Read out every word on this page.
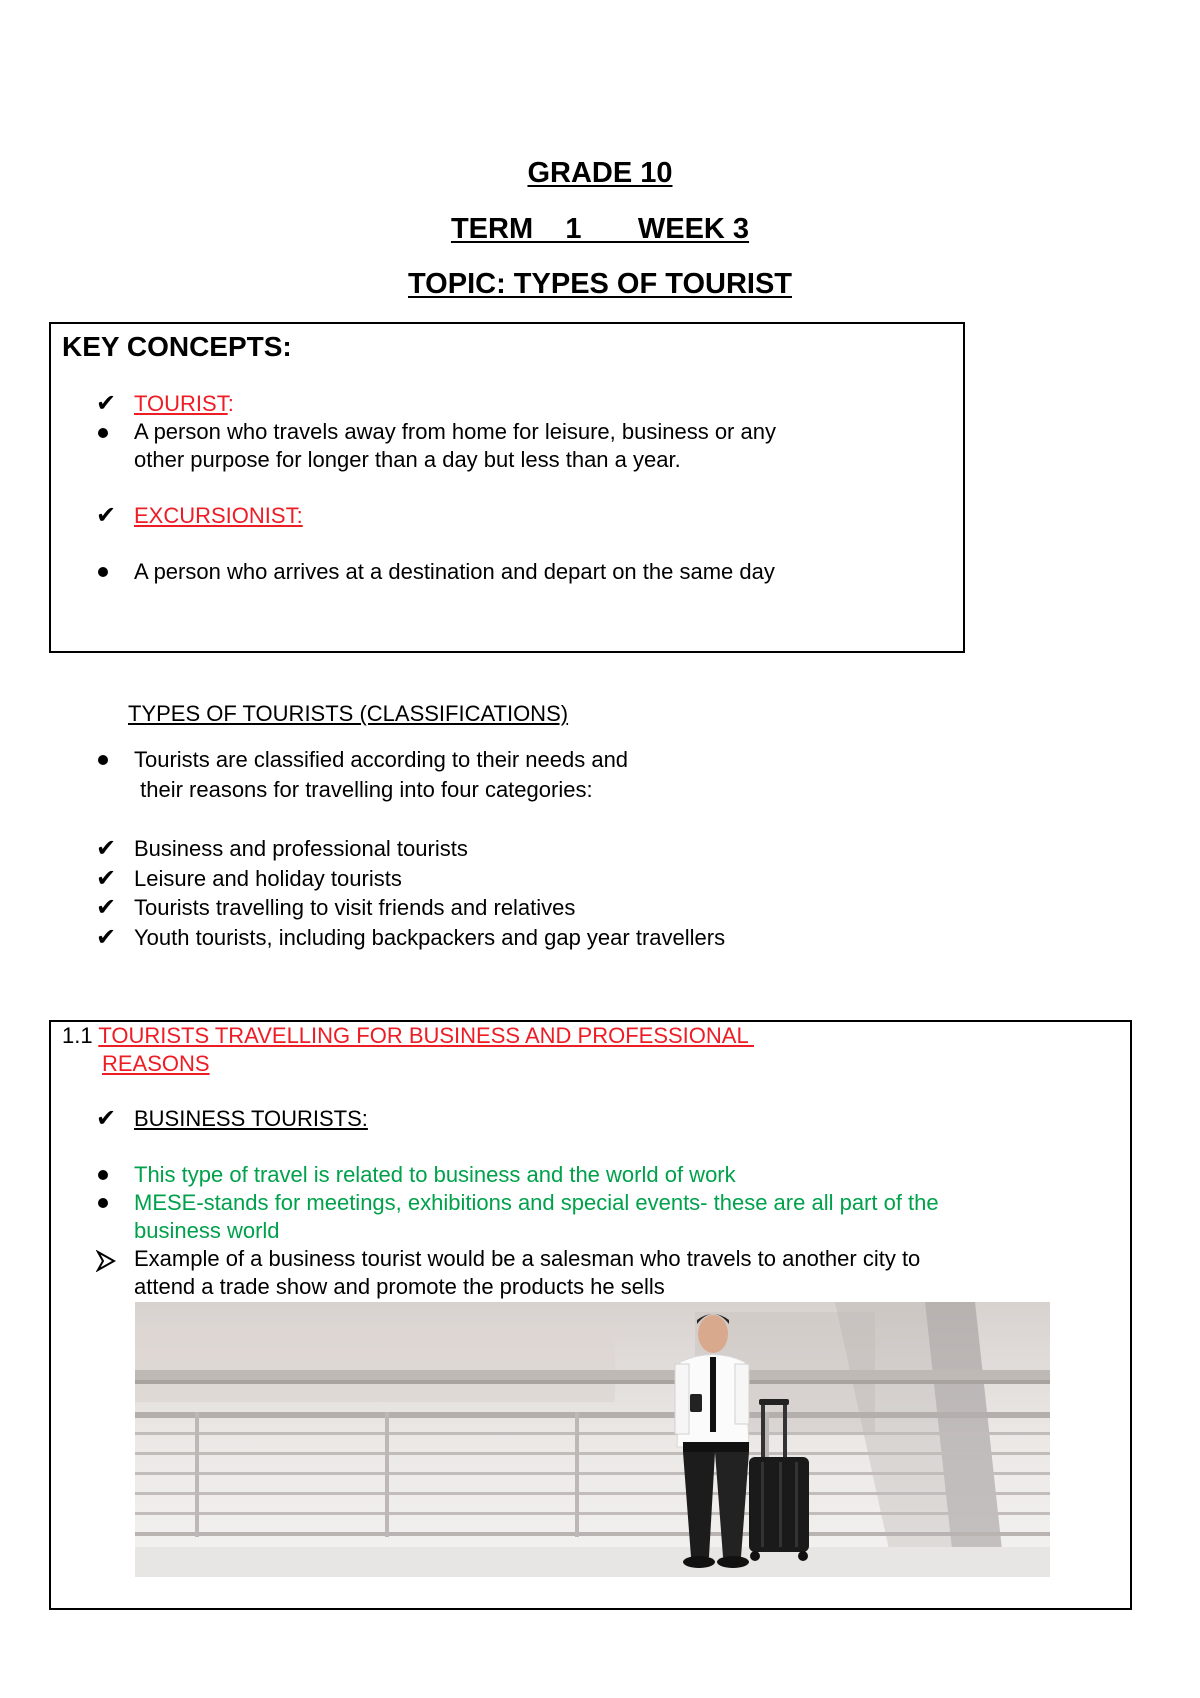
GRADE 10
TERM    1       WEEK 3
TOPIC: TYPES OF TOURIST
KEY CONCEPTS:
✔ TOURIST:
A person who travels away from home for leisure, business or any
other purpose for longer than a day but less than a year.
✔ EXCURSIONIST:
A person who arrives at a destination and depart on the same day
TYPES OF TOURISTS (CLASSIFICATIONS)
Tourists are classified according to their needs and
their reasons for travelling into four categories:
✔ Business and professional tourists
✔ Leisure and holiday tourists
✔ Tourists travelling to visit friends and relatives
✔ Youth tourists, including backpackers and gap year travellers
1.1 TOURISTS TRAVELLING FOR BUSINESS AND PROFESSIONAL
REASONS
✔ BUSINESS TOURISTS:
This type of travel is related to business and the world of work
MESE-stands for meetings, exhibitions and special events- these are all part of the
business world
Example of a business tourist would be a salesman who travels to another city to
attend a trade show and promote the products he sells
